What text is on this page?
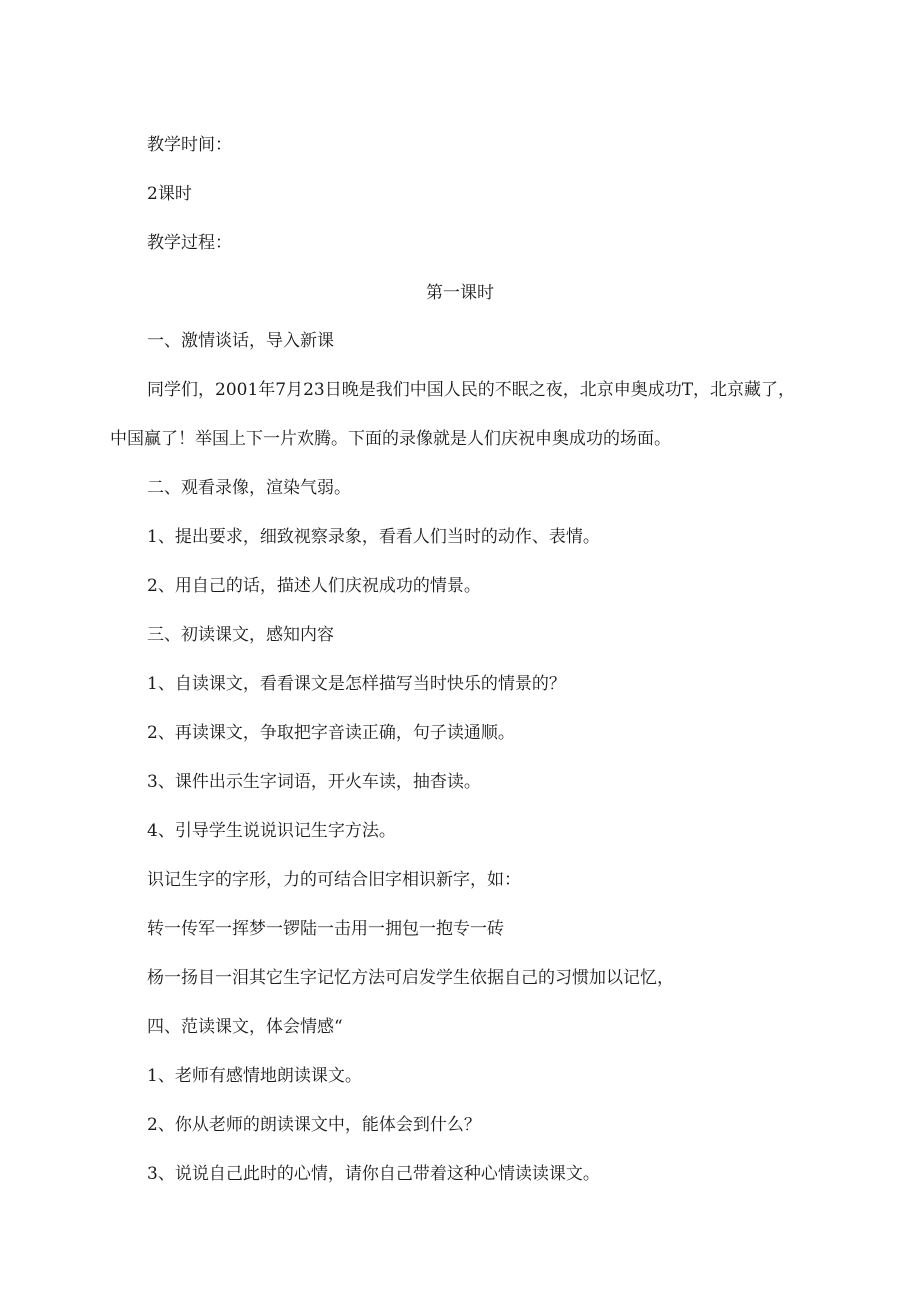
教学时间：
2课时
教学过程：
第一课时
一、激情谈话，导入新课
同学们，2001年7月23日晚是我们中国人民的不眠之夜，北京申奥成功T，北京藏了，
中国赢了！举国上下一片欢腾。下面的录像就是人们庆祝申奥成功的场面。
二、观看录像，渲染气弱。
1、提出要求，细致视察录象，看看人们当时的动作、表情。
2、用自己的话，描述人们庆祝成功的情景。
三、初读课文，感知内容
1、自读课文，看看课文是怎样描写当时快乐的情景的？
2、再读课文，争取把字音读正确，句子读通顺。
3、课件出示生字词语，开火车读，抽杳读。
4、引导学生说说识记生字方法。
识记生字的字形，力的可结合旧字相识新字，如：
转一传军一挥梦一锣陆一击用一拥包一抱专一砖
杨一扬目一泪其它生字记忆方法可启发学生依据自己的习惯加以记忆，
四、范读课文，体会情感“
1、老师有感情地朗读课文。
2、你从老师的朗读课文中，能体会到什么？
3、说说自己此时的心情，请你自己带着这种心情读读课文。
